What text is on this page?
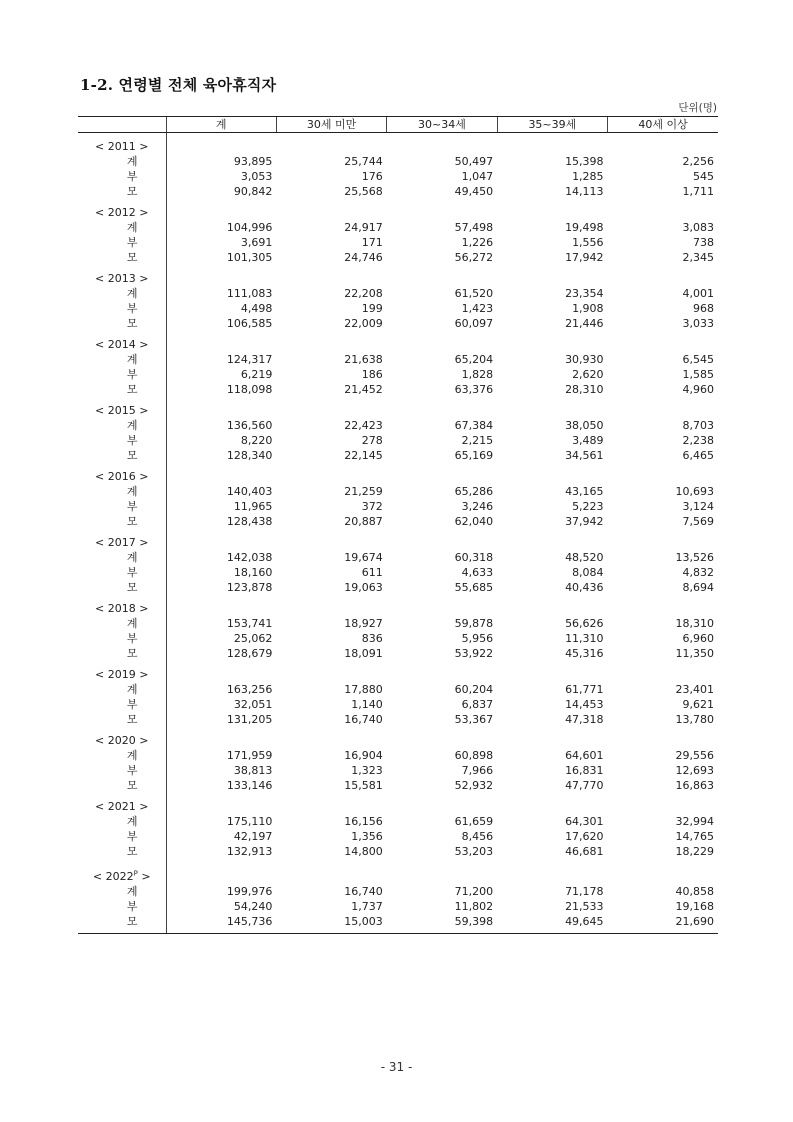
1-2. 연령별 전체 육아휴직자
단위(명)
	계	30세 미만	30~34세	35~39세	40세 이상

< 2011 >					
계	93,895	25,744	50,497	15,398	2,256
부	3,053	176	1,047	1,285	545
모	90,842	25,568	49,450	14,113	1,711

< 2012 >					
계	104,996	24,917	57,498	19,498	3,083
부	3,691	171	1,226	1,556	738
모	101,305	24,746	56,272	17,942	2,345

< 2013 >					
계	111,083	22,208	61,520	23,354	4,001
부	4,498	199	1,423	1,908	968
모	106,585	22,009	60,097	21,446	3,033

< 2014 >					
계	124,317	21,638	65,204	30,930	6,545
부	6,219	186	1,828	2,620	1,585
모	118,098	21,452	63,376	28,310	4,960

< 2015 >					
계	136,560	22,423	67,384	38,050	8,703
부	8,220	278	2,215	3,489	2,238
모	128,340	22,145	65,169	34,561	6,465

< 2016 >					
계	140,403	21,259	65,286	43,165	10,693
부	11,965	372	3,246	5,223	3,124
모	128,438	20,887	62,040	37,942	7,569

< 2017 >					
계	142,038	19,674	60,318	48,520	13,526
부	18,160	611	4,633	8,084	4,832
모	123,878	19,063	55,685	40,436	8,694

< 2018 >					
계	153,741	18,927	59,878	56,626	18,310
부	25,062	836	5,956	11,310	6,960
모	128,679	18,091	53,922	45,316	11,350

< 2019 >					
계	163,256	17,880	60,204	61,771	23,401
부	32,051	1,140	6,837	14,453	9,621
모	131,205	16,740	53,367	47,318	13,780

< 2020 >					
계	171,959	16,904	60,898	64,601	29,556
부	38,813	1,323	7,966	16,831	12,693
모	133,146	15,581	52,932	47,770	16,863

< 2021 >					
계	175,110	16,156	61,659	64,301	32,994
부	42,197	1,356	8,456	17,620	14,765
모	132,913	14,800	53,203	46,681	18,229

< $2022^P$ >					
계	199,976	16,740	71,200	71,178	40,858
부	54,240	1,737	11,802	21,533	19,168
모	145,736	15,003	59,398	49,645	21,690
- 31 -
